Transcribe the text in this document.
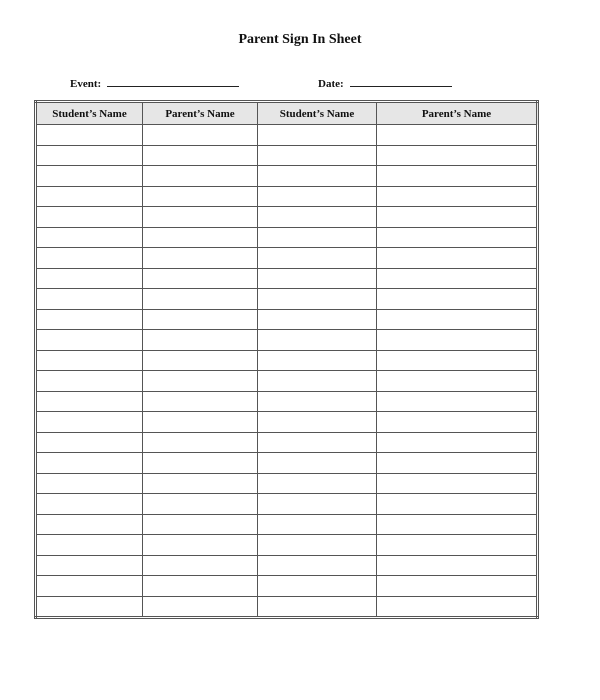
Parent Sign In Sheet
Event:	Date:
Student’s Name	Parent’s Name	Student’s Name	Parent’s Name
